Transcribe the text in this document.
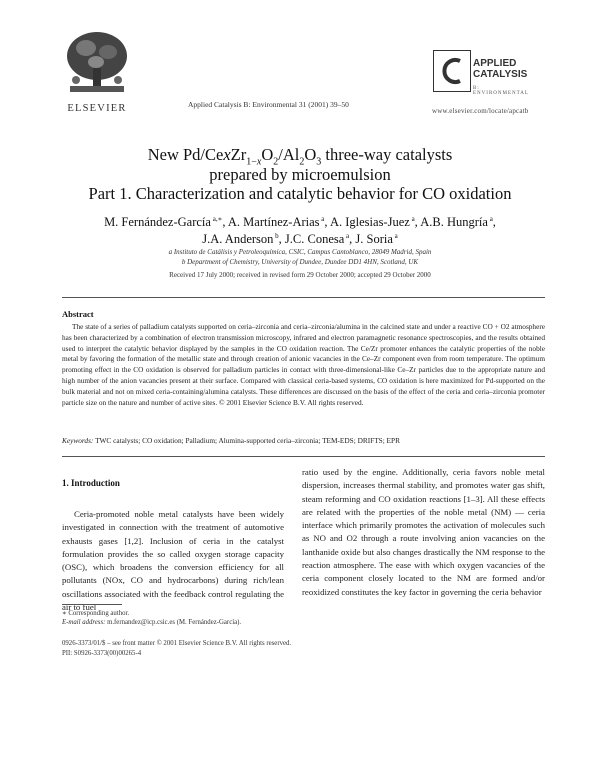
ELSEVIER	Applied Catalysis B: Environmental 31 (2001) 39–50
APPLIED
CATALYSIS
B: ENVIRONMENTAL
www.elsevier.com/locate/apcatb
New $Pd/CexZr_{1-x}O_2/Al_2O_3$ three-way catalysts
prepared by microemulsion
Part 1. Characterization and catalytic behavior for CO oxidation
M. Fernández-García $^{a,∗}$, A. Martínez-Arias $^a$, A. Iglesias-Juez $^a$, A.B. Hungría $^a$,
J.A. Anderson $^b$, J.C. Conesa $^a$, J. Soria $^a$
a Instituto de Catálisis y Petroleoquímica, CSIC, Campus Cantoblanco, 28049 Madrid, Spain
b Department of Chemistry, University of Dundee, Dundee DD1 4HN, Scotland, UK
Received 17 July 2000; received in revised form 29 October 2000; accepted 29 October 2000
Abstract
The state of a series of palladium catalysts supported on ceria–zirconia and ceria–zirconia/alumina in the calcined state and under a reactive CO + O2 atmosphere has been characterized by a combination of electron transmission microscopy, infrared and electron paramagnetic resonance spectroscopies, and the results obtained used to interpret the catalytic behavior displayed by the samples in the CO oxidation reaction. The Ce/Zr promoter enhances the catalytic properties of the noble metal by favoring the formation of the metallic state and through creation of anionic vacancies in the Ce–Zr component even from room temperature. The optimum promoting effect in the CO oxidation is observed for palladium particles in contact with three-dimensional-like Ce–Zr particles due to the appropriate nature and high number of the anion vacancies present at their surface. Compared with classical ceria-based systems, CO oxidation is here maximized for Pd-supported on the bulk material and not on mixed ceria-containing/alumina catalysts. These differences are discussed on the basis of the effect of the ceria and ceria–zirconia promoter particle size on the nature and number of active sites. © 2001 Elsevier Science B.V. All rights reserved.
Keywords: TWC catalysts; CO oxidation; Palladium; Alumina-supported ceria–zirconia; TEM-EDS; DRIFTS; EPR
1. Introduction
Ceria-promoted noble metal catalysts have been widely investigated in connection with the treatment of automotive exhausts gases [1,2]. Inclusion of ceria in the catalyst formulation provides the so called oxygen storage capacity (OSC), which broadens the conversion efficiency for all pollutants (NOx, CO and hydrocarbons) during rich/lean oscillations associated with the feedback control regulating the air to fuel
ratio used by the engine. Additionally, ceria favors noble metal dispersion, increases thermal stability, and promotes water gas shift, steam reforming and CO oxidation reactions [1–3]. All these effects are related with the properties of the noble metal (NM) — ceria interface which primarily promotes the activation of molecules such as NO and O2 through a route involving anion vacancies on the lanthanide oxide but also changes drastically the NM response to the reaction atmosphere. The ease with which oxygen vacancies of the ceria component closely located to the NM are formed and/or reoxidized constitutes the key factor in governing the ceria behavior
∗ Corresponding author.
E-mail address: m.fernandez@icp.csic.es (M. Fernández-García).
0926-3373/01/$ – see front matter © 2001 Elsevier Science B.V. All rights reserved.
PII: S0926-3373(00)00265-4
